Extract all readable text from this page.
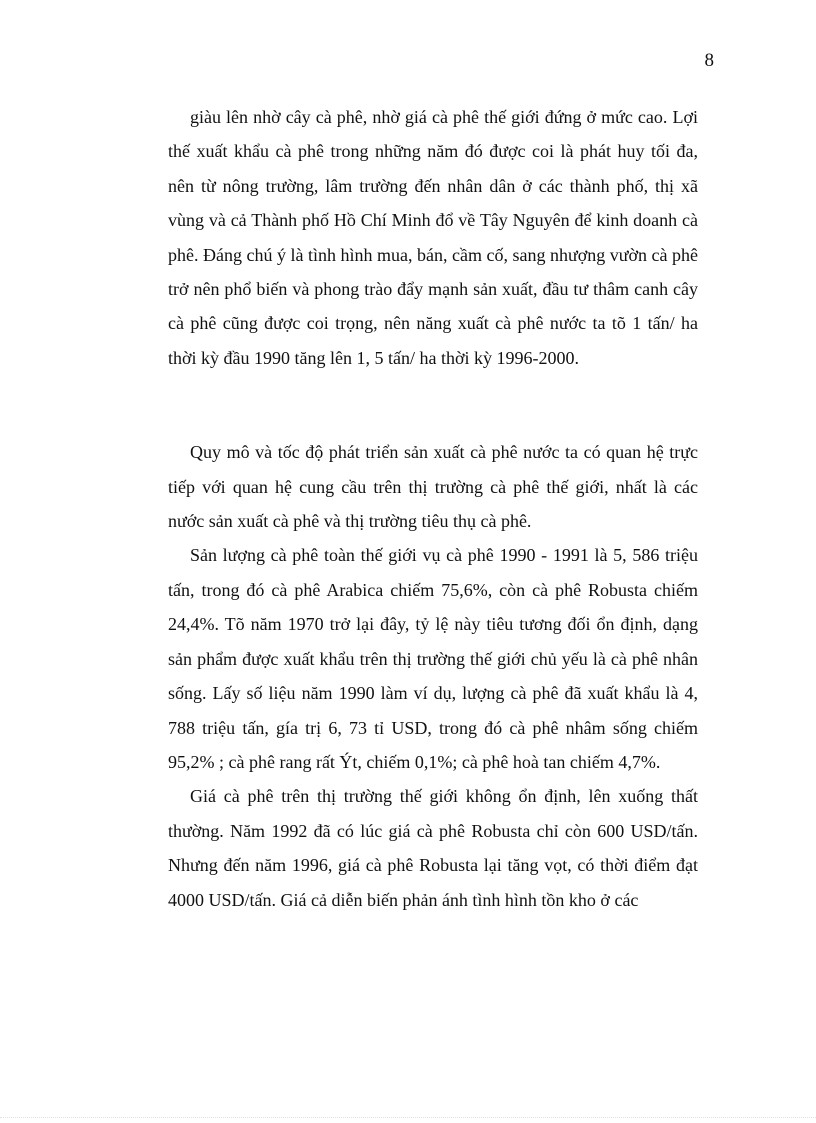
8

giàu lên nhờ cây cà phê, nhờ giá cà phê thế giới đứng ở mức cao. Lợi thế xuất khẩu cà phê trong những năm đó được coi là phát huy tối đa, nên từ nông trường, lâm trường đến nhân dân ở các thành phố, thị xã vùng và cả Thành phố Hồ Chí Minh đổ về Tây Nguyên để kinh doanh cà phê. Đáng chú ý là tình hình mua, bán, cầm cố, sang nhượng vườn cà phê trở nên phổ biến và phong trào đẩy mạnh sản xuất, đầu tư thâm canh cây cà phê cũng được coi trọng, nên năng xuất cà phê nước ta tõ 1 tấn/ ha thời kỳ đầu 1990 tăng lên 1, 5 tấn/ ha thời kỳ 1996-2000.

Quy mô và tốc độ phát triển sản xuất cà phê nước ta có quan hệ trực tiếp với quan hệ cung cầu trên thị trường cà phê thế giới, nhất là các nước sản xuất cà phê và thị trường tiêu thụ cà phê.

Sản lượng cà phê toàn thế giới vụ cà phê 1990 - 1991 là 5, 586 triệu tấn, trong đó cà phê Arabica chiếm 75,6%, còn cà phê Robusta chiếm 24,4%. Tõ năm 1970 trở lại đây, tỷ lệ này tiêu tương đối ổn định, dạng sản phẩm được xuất khẩu trên thị trường thế giới chủ yếu là cà phê nhân sống. Lấy số liệu năm 1990 làm ví dụ, lượng cà phê đã xuất khẩu là 4, 788 triệu tấn, gía trị 6, 73 tỉ USD, trong đó cà phê nhâm sống chiếm 95,2% ; cà phê rang rất Ýt, chiếm 0,1%; cà phê hoà tan chiếm 4,7%.

Giá cà phê trên thị trường thế giới không ổn định, lên xuống thất thường. Năm 1992 đã có lúc giá cà phê Robusta chỉ còn 600 USD/tấn. Nhưng đến năm 1996, giá cà phê Robusta lại tăng vọt, có thời điểm đạt 4000 USD/tấn. Giá cả diễn biến phản ánh tình hình tồn kho ở các
